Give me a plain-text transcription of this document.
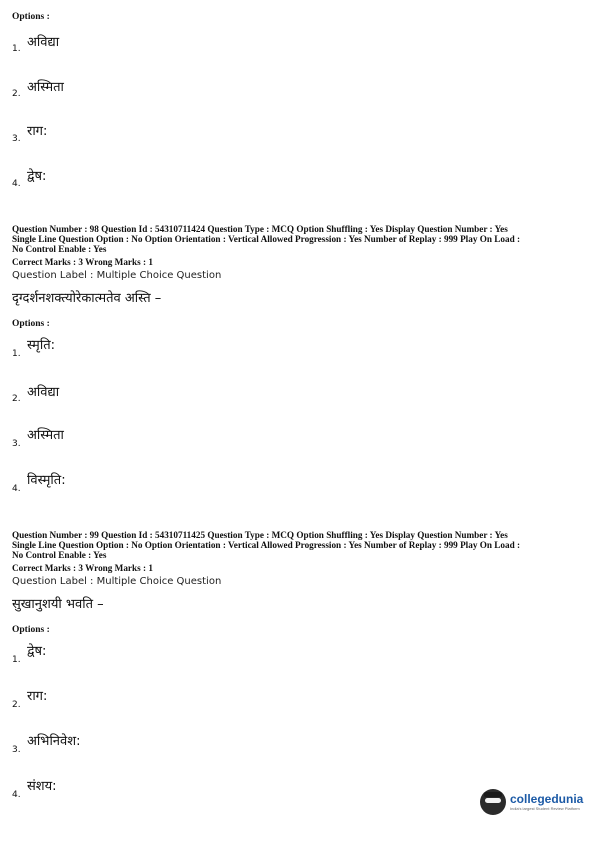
Options :
1. अविद्या
2. अस्मिता
3. राग:
4. द्वेष:
Question Number : 98 Question Id : 54310711424 Question Type : MCQ Option Shuffling : Yes Display Question Number : Yes
Single Line Question Option : No Option Orientation : Vertical Allowed Progression : Yes Number of Replay : 999 Play On Load :
No Control Enable : Yes
Correct Marks : 3 Wrong Marks : 1
Question Label : Multiple Choice Question
दृग्दर्शनशक्त्योरेकात्मतेव अस्ति –
Options :
1.
स्मृति:
2. अविद्या
3.
अस्मिता
4.
विस्मृति:
Question Number : 99 Question Id : 54310711425 Question Type : MCQ Option Shuffling : Yes Display Question Number : Yes
Single Line Question Option : No Option Orientation : Vertical Allowed Progression : Yes Number of Replay : 999 Play On Load :
No Control Enable : Yes
Correct Marks : 3 Wrong Marks : 1
Question Label : Multiple Choice Question
सुखानुशयी भवति –
Options :
1.
द्वेष:
2.
राग:
3.
अभिनिवेश:
4.
संशय:
collegedunia
India's largest Student Review Platform
